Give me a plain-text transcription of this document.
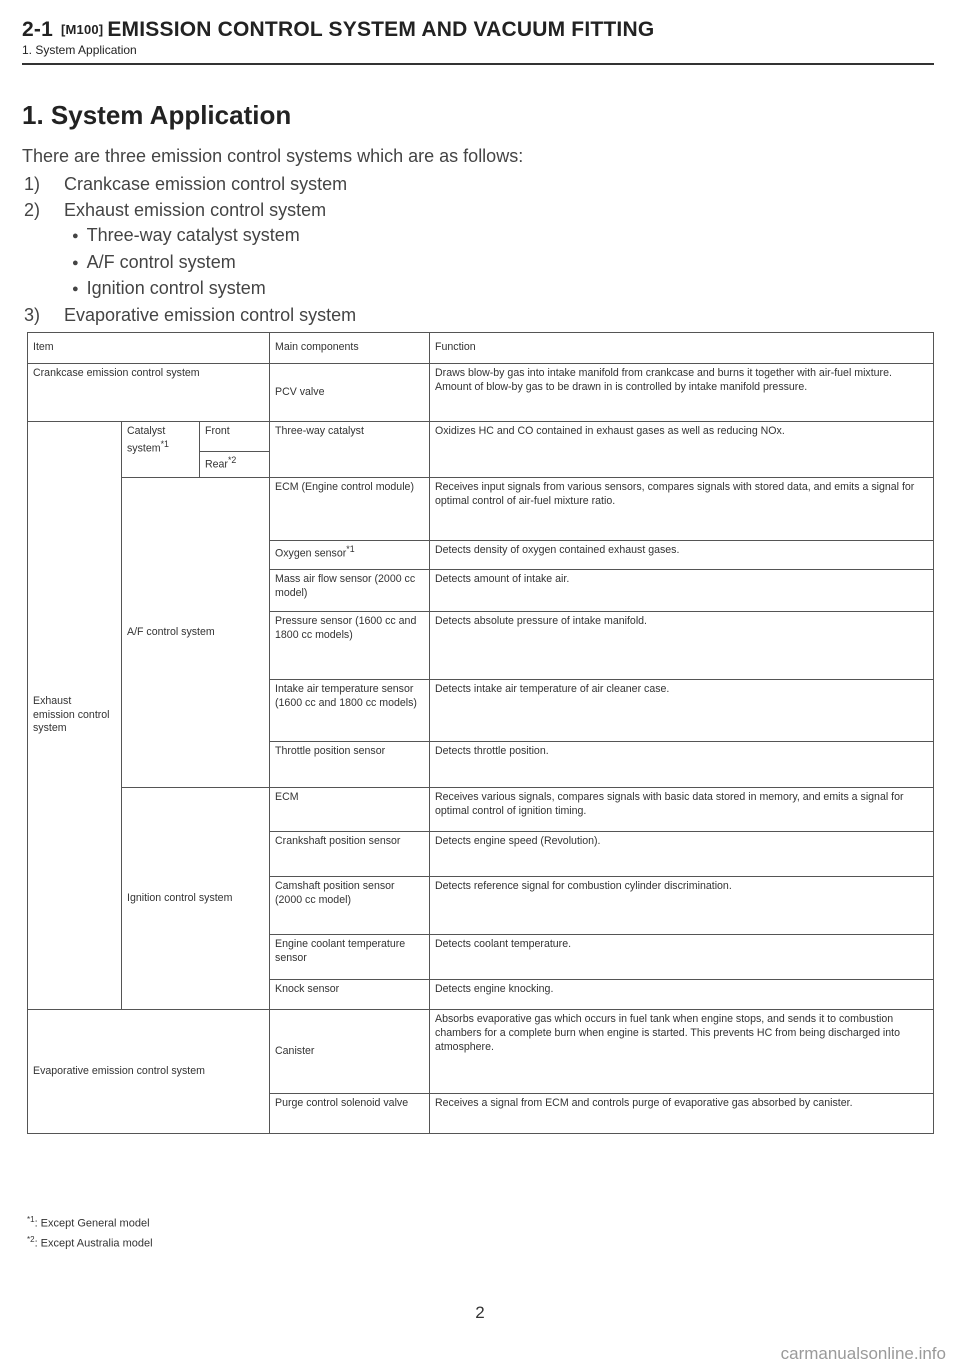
2-1 [M100] EMISSION CONTROL SYSTEM AND VACUUM FITTING
1. System Application
1. System Application
There are three emission control systems which are as follows:
1) Crankcase emission control system
2) Exhaust emission control system
● Three-way catalyst system
● A/F control system
● Ignition control system
3) Evaporative emission control system
Item			Main components	Function
Crankcase emission control system			PCV valve	Draws blow-by gas into intake manifold from crankcase and burns it together with air-fuel mixture. Amount of blow-by gas to be drawn in is controlled by intake manifold pressure.
Exhaust emission control system	Catalyst system$^{*1}$	Front	Three-way catalyst	Oxidizes HC and CO contained in exhaust gases as well as reducing NOx.
		Rear$^{*2}$
	A/F control system		ECM (Engine control module)	Receives input signals from various sensors, compares signals with stored data, and emits a signal for optimal control of air-fuel mixture ratio.
			Oxygen sensor$^{*1}$	Detects density of oxygen contained exhaust gases.
			Mass air flow sensor (2000 cc model)	Detects amount of intake air.
			Pressure sensor (1600 cc and 1800 cc models)	Detects absolute pressure of intake manifold.
			Intake air temperature sensor (1600 cc and 1800 cc models)	Detects intake air temperature of air cleaner case.
			Throttle position sensor	Detects throttle position.
	Ignition control system		ECM	Receives various signals, compares signals with basic data stored in memory, and emits a signal for optimal control of ignition timing.
			Crankshaft position sensor	Detects engine speed (Revolution).
			Camshaft position sensor (2000 cc model)	Detects reference signal for combustion cylinder discrimination.
			Engine coolant temperature sensor	Detects coolant temperature.
			Knock sensor	Detects engine knocking.
Evaporative emission control system			Canister	Absorbs evaporative gas which occurs in fuel tank when engine stops, and sends it to combustion chambers for a complete burn when engine is started. This prevents HC from being discharged into atmosphere.
			Purge control solenoid valve	Receives a signal from ECM and controls purge of evaporative gas absorbed by canister.
$^{*1}$: Except General model
$^{*2}$: Except Australia model
2
carmanualsonline.info
